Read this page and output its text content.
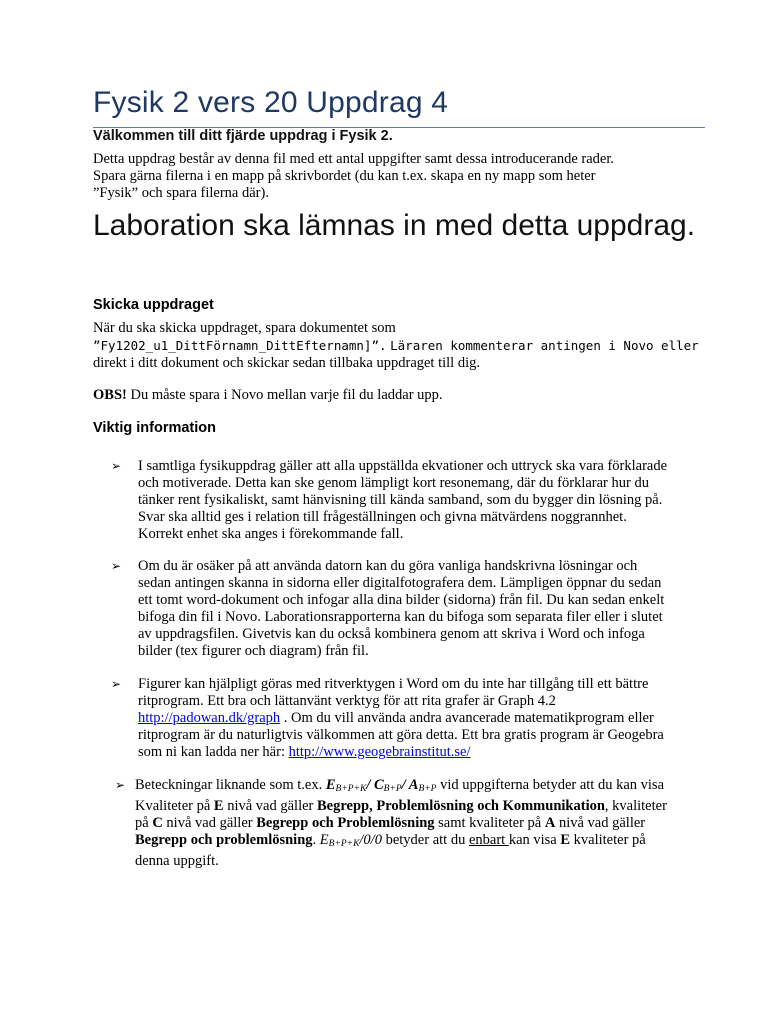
Fysik 2 vers 20 Uppdrag 4
Välkommen till ditt fjärde uppdrag i Fysik 2.
Detta uppdrag består av denna fil med ett antal uppgifter samt dessa introducerande rader.
Spara gärna filerna i en mapp på skrivbordet (du kan t.ex. skapa en ny mapp som heter
”Fysik” och spara filerna där).
Laboration ska lämnas in med detta uppdrag.
Skicka uppdraget
När du ska skicka uppdraget, spara dokumentet som
”Fy1202_u1_DittFörnamn_DittEfternamn]”. Läraren kommenterar antingen i Novo eller
direkt i ditt dokument och skickar sedan tillbaka uppdraget till dig.
OBS! Du måste spara i Novo mellan varje fil du laddar upp.
Viktig information
➢ I samtliga fysikuppdrag gäller att alla uppställda ekvationer och uttryck ska vara förklarade och motiverade. Detta kan ske genom lämpligt kort resonemang, där du förklarar hur du tänker rent fysikaliskt, samt hänvisning till kända samband, som du bygger din lösning på. Svar ska alltid ges i relation till frågeställningen och givna mätvärdens noggrannhet. Korrekt enhet ska anges i förekommande fall.
➢ Om du är osäker på att använda datorn kan du göra vanliga handskrivna lösningar och sedan antingen skanna in sidorna eller digitalfotografera dem. Lämpligen öppnar du sedan ett tomt word-dokument och infogar alla dina bilder (sidorna) från fil. Du kan sedan enkelt bifoga din fil i Novo. Laborationsrapporterna kan du bifoga som separata filer eller i slutet av uppdragsfilen. Givetvis kan du också kombinera genom att skriva i Word och infoga bilder (tex figurer och diagram) från fil.
➢ Figurer kan hjälpligt göras med ritverktygen i Word om du inte har tillgång till ett bättre ritprogram. Ett bra och lättanvänt verktyg för att rita grafer är Graph 4.2
http://padowan.dk/graph . Om du vill använda andra avancerade matematikprogram eller ritprogram är du naturligtvis välkommen att göra detta. Ett bra gratis program är Geogebra som ni kan ladda ner här: http://www.geogebrainstitut.se/
➢ Beteckningar liknande som t.ex. $E_{B+P+K}/$ $C_{B+P}/$ $A_{B+P}$ vid uppgifterna betyder att du kan visa Kvaliteter på E nivå vad gäller Begrepp, Problemlösning och Kommunikation, kvaliteter på C nivå vad gäller Begrepp och Problemlösning samt kvaliteter på A nivå vad gäller Begrepp och problemlösning. $E_{B+P+K}/0/0$ betyder att du enbart kan visa E kvaliteter på denna uppgift.
